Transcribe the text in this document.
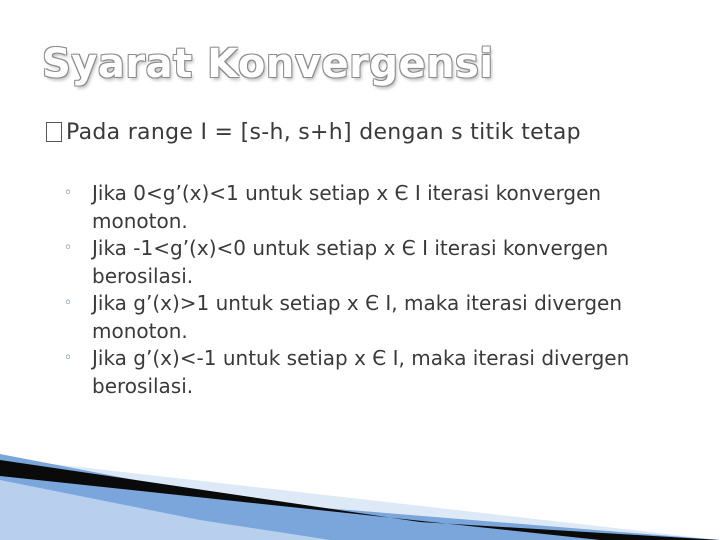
Syarat Konvergensi
Pada range I = [s-h, s+h] dengan s titik tetap
◦ Jika 0<g’(x)<1 untuk setiap x Є I iterasi konvergen monoton.
◦ Jika -1<g’(x)<0 untuk setiap x Є I iterasi konvergen berosilasi.
◦ Jika g’(x)>1 untuk setiap x Є I, maka iterasi divergen monoton.
◦ Jika g’(x)<-1 untuk setiap x Є I, maka iterasi divergen berosilasi.
